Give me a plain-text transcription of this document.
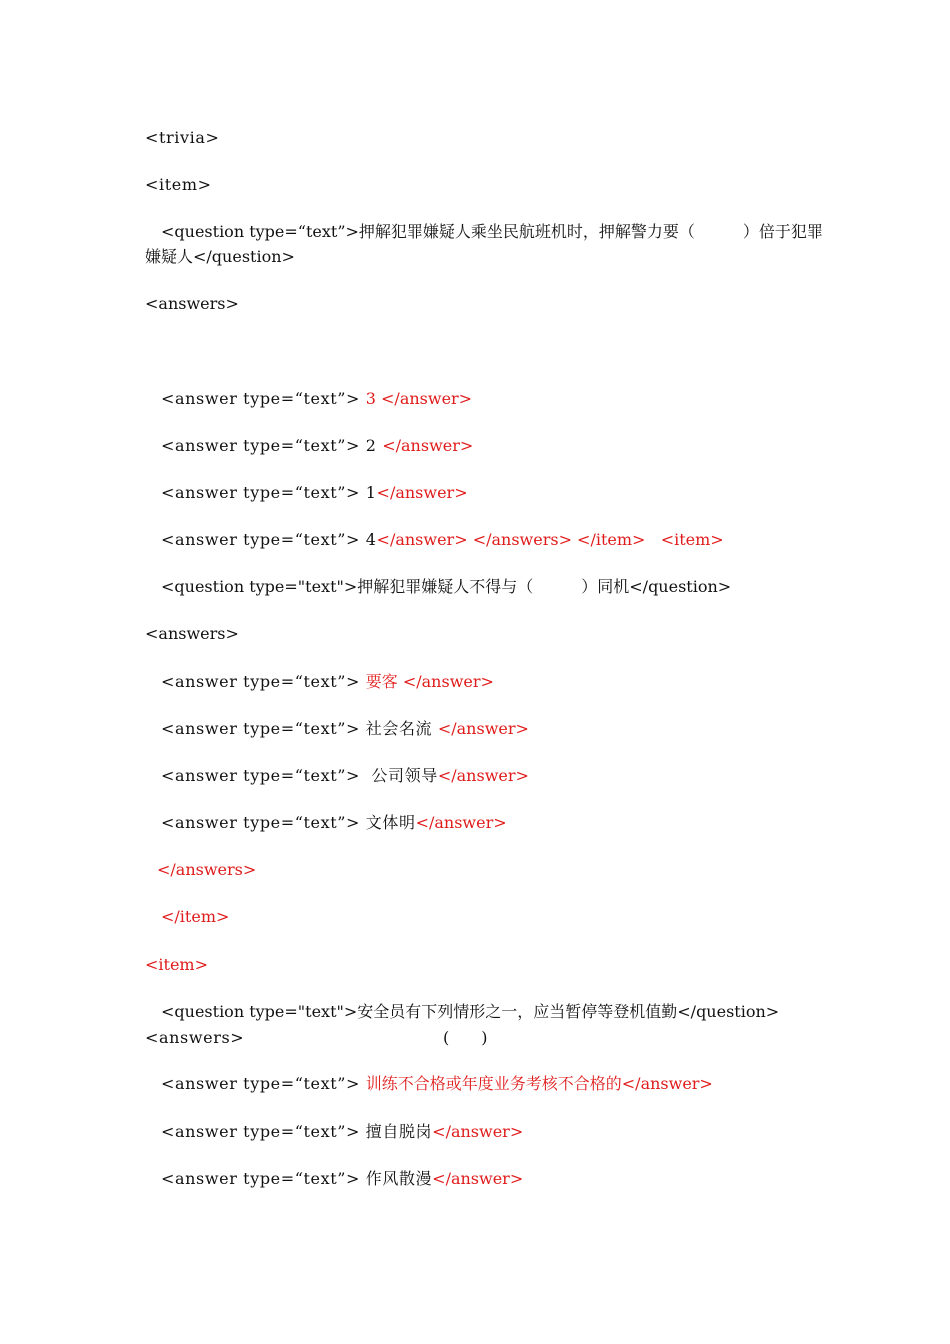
<trivia>
<item>
<question type=“text”>押解犯罪嫌疑人乘坐民航班机时，押解警力要（　　　）倍于犯罪
嫌疑人</question>
<answers>
<answer type=“text”> 3 </answer>
<answer type=“text”> 2 </answer>
<answer type=“text”> 1</answer>
<answer type=“text”> 4</answer> </answers> </item>   <item>
<question type="text">押解犯罪嫌疑人不得与（　　　）同机</question>
<answers>
<answer type=“text”> 要客 </answer>
<answer type=“text”> 社会名流 </answer>
<answer type=“text”>  公司领导</answer>
<answer type=“text”> 文体明</answer>
</answers>
</item>
<item>
<question type="text">安全员有下列情形之一，应当暂停等登机值勤</question>
<answers>	(　　)
<answer type=“text”> 训练不合格或年度业务考核不合格的</answer>
<answer type=“text”> 擅自脱岗</answer>
<answer type=“text”> 作风散漫</answer>
